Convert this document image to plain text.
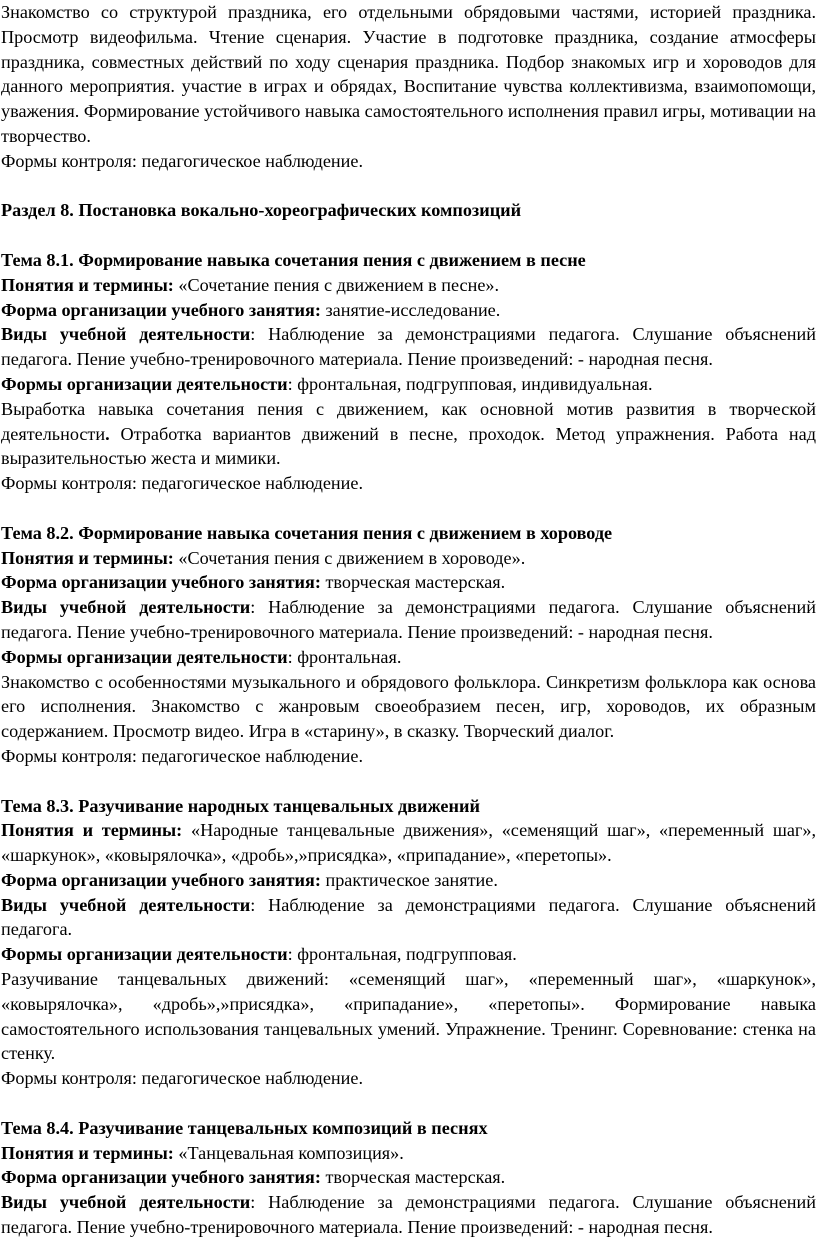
Знакомство со структурой праздника, его отдельными обрядовыми частями, историей праздника. Просмотр видеофильма. Чтение сценария. Участие в подготовке праздника, создание атмосферы праздника, совместных действий по ходу сценария праздника. Подбор знакомых игр и хороводов для данного мероприятия. участие в играх и обрядах, Воспитание чувства коллективизма, взаимопомощи, уважения. Формирование устойчивого навыка самостоятельного исполнения правил игры, мотивации на творчество.

Формы контроля: педагогическое наблюдение.

Раздел 8. Постановка вокально-хореографических композиций

Тема 8.1. Формирование навыка сочетания пения с движением в песне

Понятия и термины: «Сочетание пения с движением в песне».

Форма организации учебного занятия: занятие-исследование.

Виды учебной деятельности: Наблюдение за демонстрациями педагога. Слушание объяснений педагога. Пение учебно-тренировочного материала. Пение произведений: - народная песня.

Формы организации деятельности: фронтальная, подгрупповая, индивидуальная.

Выработка навыка сочетания пения с движением, как основной мотив развития в творческой деятельности. Отработка вариантов движений в песне, проходок. Метод упражнения. Работа над выразительностью жеста и мимики.

Формы контроля: педагогическое наблюдение.

Тема 8.2. Формирование навыка сочетания пения с движением в хороводе

Понятия и термины: «Сочетания пения с движением в хороводе».

Форма организации учебного занятия: творческая мастерская.

Виды учебной деятельности: Наблюдение за демонстрациями педагога. Слушание объяснений педагога. Пение учебно-тренировочного материала. Пение произведений: - народная песня.

Формы организации деятельности: фронтальная.

Знакомство с особенностями музыкального и обрядового фольклора. Синкретизм фольклора как основа его исполнения. Знакомство с жанровым своеобразием песен, игр, хороводов, их образным содержанием. Просмотр видео. Игра в «старину», в сказку. Творческий диалог.

Формы контроля: педагогическое наблюдение.

Тема 8.3. Разучивание народных танцевальных движений

Понятия и термины: «Народные танцевальные движения», «семенящий шаг», «переменный шаг», «шаркунок», «ковырялочка», «дробь»,»присядка», «припадание», «перетопы».

Форма организации учебного занятия: практическое занятие.

Виды учебной деятельности: Наблюдение за демонстрациями педагога. Слушание объяснений педагога.

Формы организации деятельности: фронтальная, подгрупповая.

Разучивание танцевальных движений: «семенящий шаг», «переменный шаг», «шаркунок», «ковырялочка», «дробь»,»присядка», «припадание», «перетопы». Формирование навыка самостоятельного использования танцевальных умений. Упражнение. Тренинг. Соревнование: стенка на стенку.

Формы контроля: педагогическое наблюдение.

Тема 8.4. Разучивание танцевальных композиций в песнях

Понятия и термины: «Танцевальная композиция».

Форма организации учебного занятия: творческая мастерская.

Виды учебной деятельности: Наблюдение за демонстрациями педагога. Слушание объяснений педагога. Пение учебно-тренировочного материала. Пение произведений: - народная песня.
